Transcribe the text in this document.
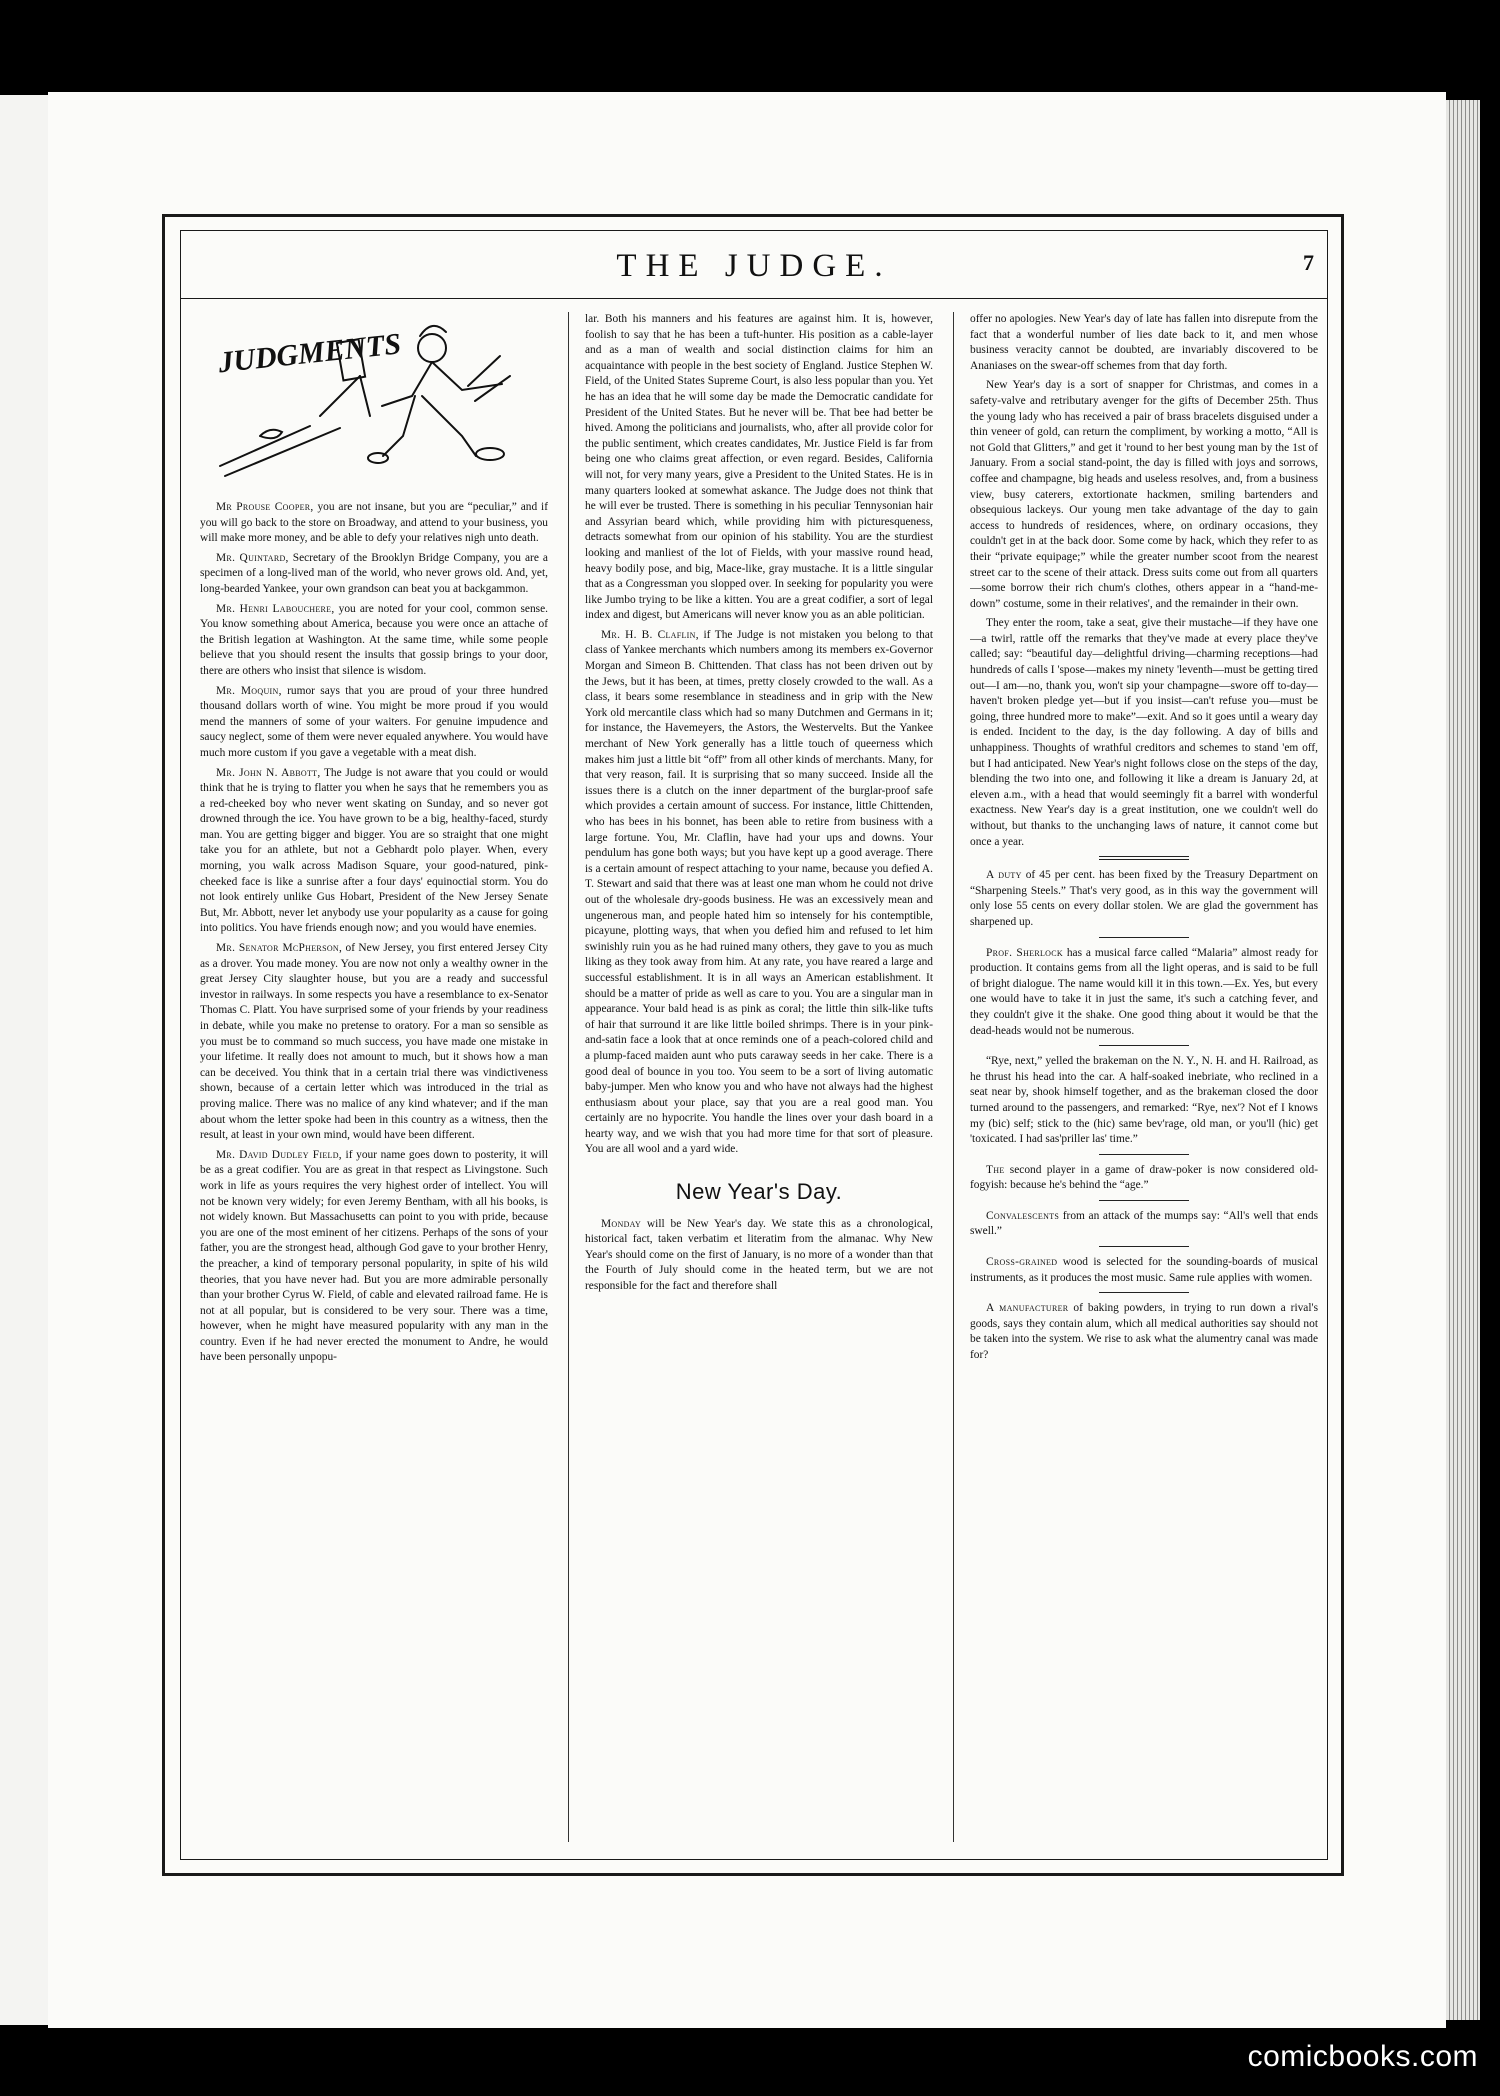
THE JUDGE.	7
JUDGMENTS

Mr Prouse Cooper, you are not insane, but you are “peculiar,” and if you will go back to the store on Broadway, and attend to your business, you will make more money, and be able to defy your relatives nigh unto death.

Mr. Quintard, Secretary of the Brooklyn Bridge Company, you are a specimen of a long-lived man of the world, who never grows old. And, yet, long-bearded Yankee, your own grandson can beat you at backgammon.

Mr. Henri Labouchere, you are noted for your cool, common sense. You know something about America, because you were once an attache of the British legation at Washington. At the same time, while some people believe that you should resent the insults that gossip brings to your door, there are others who insist that silence is wisdom.

Mr. Moquin, rumor says that you are proud of your three hundred thousand dollars worth of wine. You might be more proud if you would mend the manners of some of your waiters. For genuine impudence and saucy neglect, some of them were never equaled anywhere. You would have much more custom if you gave a vegetable with a meat dish.

Mr. John N. Abbott, The Judge is not aware that you could or would think that he is trying to flatter you when he says that he remembers you as a red-cheeked boy who never went skating on Sunday, and so never got drowned through the ice. You have grown to be a big, healthy-faced, sturdy man. You are getting bigger and bigger. You are so straight that one might take you for an athlete, but not a Gebhardt polo player. When, every morning, you walk across Madison Square, your good-natured, pink-cheeked face is like a sunrise after a four days' equinoctial storm. You do not look entirely unlike Gus Hobart, President of the New Jersey Senate But, Mr. Abbott, never let anybody use your popularity as a cause for going into politics. You have friends enough now; and you would have enemies.

Mr. Senator McPherson, of New Jersey, you first entered Jersey City as a drover. You made money. You are now not only a wealthy owner in the great Jersey City slaughter house, but you are a ready and successful investor in railways. In some respects you have a resemblance to ex-Senator Thomas C. Platt. You have surprised some of your friends by your readiness in debate, while you make no pretense to oratory. For a man so sensible as you must be to command so much success, you have made one mistake in your lifetime. It really does not amount to much, but it shows how a man can be deceived. You think that in a certain trial there was vindictiveness shown, because of a certain letter which was introduced in the trial as proving malice. There was no malice of any kind whatever; and if the man about whom the letter spoke had been in this country as a witness, then the result, at least in your own mind, would have been different.

Mr. David Dudley Field, if your name goes down to posterity, it will be as a great codifier. You are as great in that respect as Livingstone. Such work in life as yours requires the very highest order of intellect. You will not be known very widely; for even Jeremy Bentham, with all his books, is not widely known. But Massachusetts can point to you with pride, because you are one of the most eminent of her citizens. Perhaps of the sons of your father, you are the strongest head, although God gave to your brother Henry, the preacher, a kind of temporary personal popularity, in spite of his wild theories, that you have never had. But you are more admirable personally than your brother Cyrus W. Field, of cable and elevated railroad fame. He is not at all popular, but is considered to be very sour. There was a time, however, when he might have measured popularity with any man in the country. Even if he had never erected the monument to Andre, he would have been personally unpopu-

lar. Both his manners and his features are against him. It is, however, foolish to say that he has been a tuft-hunter. His position as a cable-layer and as a man of wealth and social distinction claims for him an acquaintance with people in the best society of England. Justice Stephen W. Field, of the United States Supreme Court, is also less popular than you. Yet he has an idea that he will some day be made the Democratic candidate for President of the United States. But he never will be. That bee had better be hived. Among the politicians and journalists, who, after all provide color for the public sentiment, which creates candidates, Mr. Justice Field is far from being one who claims great affection, or even regard. Besides, California will not, for very many years, give a President to the United States. He is in many quarters looked at somewhat askance. The Judge does not think that he will ever be trusted. There is something in his peculiar Tennysonian hair and Assyrian beard which, while providing him with picturesqueness, detracts somewhat from our opinion of his stability. You are the sturdiest looking and manliest of the lot of Fields, with your massive round head, heavy bodily pose, and big, Mace-like, gray mustache. It is a little singular that as a Congressman you slopped over. In seeking for popularity you were like Jumbo trying to be like a kitten. You are a great codifier, a sort of legal index and digest, but Americans will never know you as an able politician.

Mr. H. B. Claflin, if The Judge is not mistaken you belong to that class of Yankee merchants which numbers among its members ex-Governor Morgan and Simeon B. Chittenden. That class has not been driven out by the Jews, but it has been, at times, pretty closely crowded to the wall. As a class, it bears some resemblance in steadiness and in grip with the New York old mercantile class which had so many Dutchmen and Germans in it; for instance, the Havemeyers, the Astors, the Westervelts. But the Yankee merchant of New York generally has a little touch of queerness which makes him just a little bit “off” from all other kinds of merchants. Many, for that very reason, fail. It is surprising that so many succeed. Inside all the issues there is a clutch on the inner department of the burglar-proof safe which provides a certain amount of success. For instance, little Chittenden, who has bees in his bonnet, has been able to retire from business with a large fortune. You, Mr. Claflin, have had your ups and downs. Your pendulum has gone both ways; but you have kept up a good average. There is a certain amount of respect attaching to your name, because you defied A. T. Stewart and said that there was at least one man whom he could not drive out of the wholesale dry-goods business. He was an excessively mean and ungenerous man, and people hated him so intensely for his contemptible, picayune, plotting ways, that when you defied him and refused to let him swinishly ruin you as he had ruined many others, they gave to you as much liking as they took away from him. At any rate, you have reared a large and successful establishment. It is in all ways an American establishment. It should be a matter of pride as well as care to you. You are a singular man in appearance. Your bald head is as pink as coral; the little thin silk-like tufts of hair that surround it are like little boiled shrimps. There is in your pink-and-satin face a look that at once reminds one of a peach-colored child and a plump-faced maiden aunt who puts caraway seeds in her cake. There is a good deal of bounce in you too. You seem to be a sort of living automatic baby-jumper. Men who know you and who have not always had the highest enthusiasm about your place, say that you are a real good man. You certainly are no hypocrite. You handle the lines over your dash board in a hearty way, and we wish that you had more time for that sort of pleasure. You are all wool and a yard wide.

New Year's Day.

Monday will be New Year's day. We state this as a chronological, historical fact, taken verbatim et literatim from the almanac. Why New Year's should come on the first of January, is no more of a wonder than that the Fourth of July should come in the heated term, but we are not responsible for the fact and therefore shall

offer no apologies. New Year's day of late has fallen into disrepute from the fact that a wonderful number of lies date back to it, and men whose business veracity cannot be doubted, are invariably discovered to be Ananiases on the swear-off schemes from that day forth.

New Year's day is a sort of snapper for Christmas, and comes in a safety-valve and retributary avenger for the gifts of December 25th. Thus the young lady who has received a pair of brass bracelets disguised under a thin veneer of gold, can return the compliment, by working a motto, “All is not Gold that Glitters,” and get it 'round to her best young man by the 1st of January. From a social stand-point, the day is filled with joys and sorrows, coffee and champagne, big heads and useless resolves, and, from a business view, busy caterers, extortionate hackmen, smiling bartenders and obsequious lackeys. Our young men take advantage of the day to gain access to hundreds of residences, where, on ordinary occasions, they couldn't get in at the back door. Some come by hack, which they refer to as their “private equipage;” while the greater number scoot from the nearest street car to the scene of their attack. Dress suits come out from all quarters—some borrow their rich chum's clothes, others appear in a “hand-me-down” costume, some in their relatives', and the remainder in their own.

They enter the room, take a seat, give their mustache—if they have one—a twirl, rattle off the remarks that they've made at every place they've called; say: “beautiful day—delightful driving—charming receptions—had hundreds of calls I 'spose—makes my ninety 'leventh—must be getting tired out—I am—no, thank you, won't sip your champagne—swore off to-day—haven't broken pledge yet—but if you insist—can't refuse you—must be going, three hundred more to make”—exit. And so it goes until a weary day is ended. Incident to the day, is the day following. A day of bills and unhappiness. Thoughts of wrathful creditors and schemes to stand 'em off, but I had anticipated. New Year's night follows close on the steps of the day, blending the two into one, and following it like a dream is January 2d, at eleven a.m., with a head that would seemingly fit a barrel with wonderful exactness. New Year's day is a great institution, one we couldn't well do without, but thanks to the unchanging laws of nature, it cannot come but once a year.

A duty of 45 per cent. has been fixed by the Treasury Department on “Sharpening Steels.” That's very good, as in this way the government will only lose 55 cents on every dollar stolen. We are glad the government has sharpened up.

Prof. Sherlock has a musical farce called “Malaria” almost ready for production. It contains gems from all the light operas, and is said to be full of bright dialogue. The name would kill it in this town.—Ex. Yes, but every one would have to take it in just the same, it's such a catching fever, and they couldn't give it the shake. One good thing about it would be that the dead-heads would not be numerous.

“Rye, next,” yelled the brakeman on the N. Y., N. H. and H. Railroad, as he thrust his head into the car. A half-soaked inebriate, who reclined in a seat near by, shook himself together, and as the brakeman closed the door turned around to the passengers, and remarked: “Rye, nex'? Not ef I knows my (bic) self; stick to the (hic) same bev'rage, old man, or you'll (hic) get 'toxicated. I had sas'priller las' time.”

The second player in a game of draw-poker is now considered old-fogyish: because he's behind the “age.”

Convalescents from an attack of the mumps say: “All's well that ends swell.”

Cross-grained wood is selected for the sounding-boards of musical instruments, as it produces the most music. Same rule applies with women.

A manufacturer of baking powders, in trying to run down a rival's goods, says they contain alum, which all medical authorities say should not be taken into the system. We rise to ask what the alumentry canal was made for?

comicbooks.com
